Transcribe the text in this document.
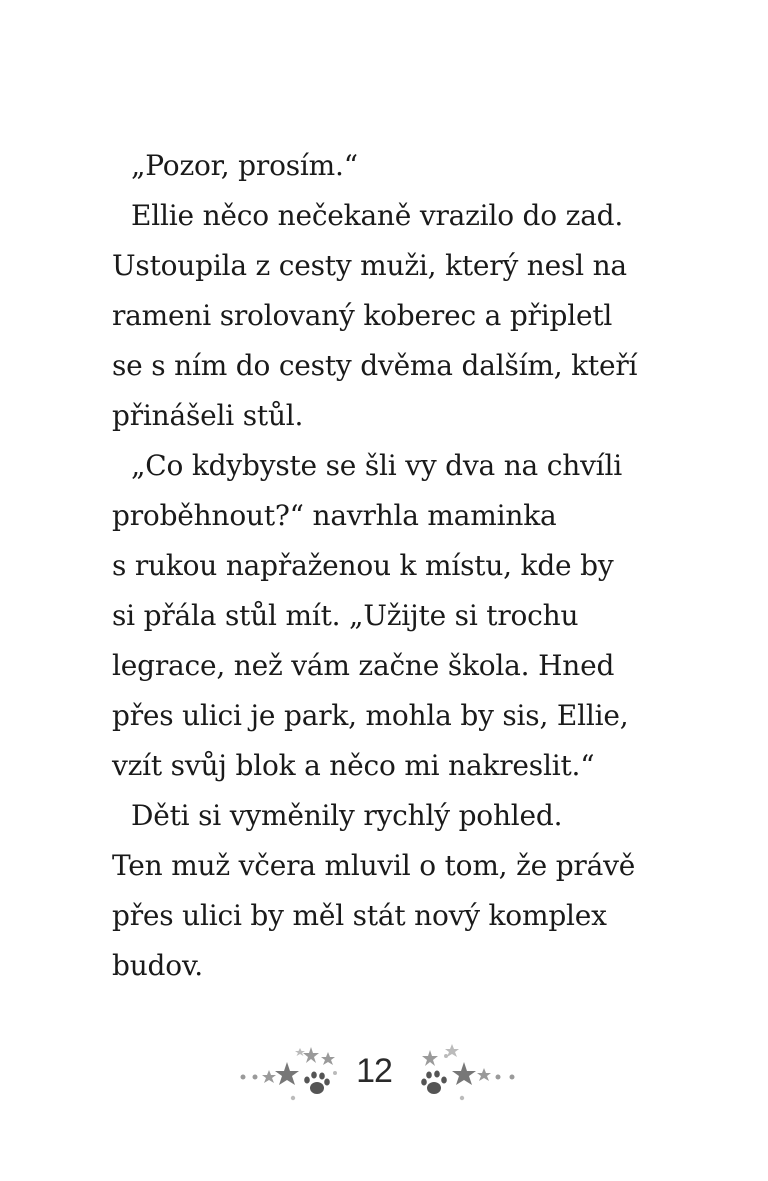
„Pozor, prosím.“
Ellie něco nečekaně vrazilo do zad.
Ustoupila z cesty muži, který nesl na
rameni srolovaný koberec a připletl
se s ním do cesty dvěma dalším, kteří
přinášeli stůl.
„Co kdybyste se šli vy dva na chvíli
proběhnout?“ navrhla maminka
s rukou napřaženou k místu, kde by
si přála stůl mít. „Užijte si trochu
legrace, než vám začne škola. Hned
přes ulici je park, mohla by sis, Ellie,
vzít svůj blok a něco mi nakreslit.“
Děti si vyměnily rychlý pohled.
Ten muž včera mluvil o tom, že právě
přes ulici by měl stát nový komplex
budov.
12
